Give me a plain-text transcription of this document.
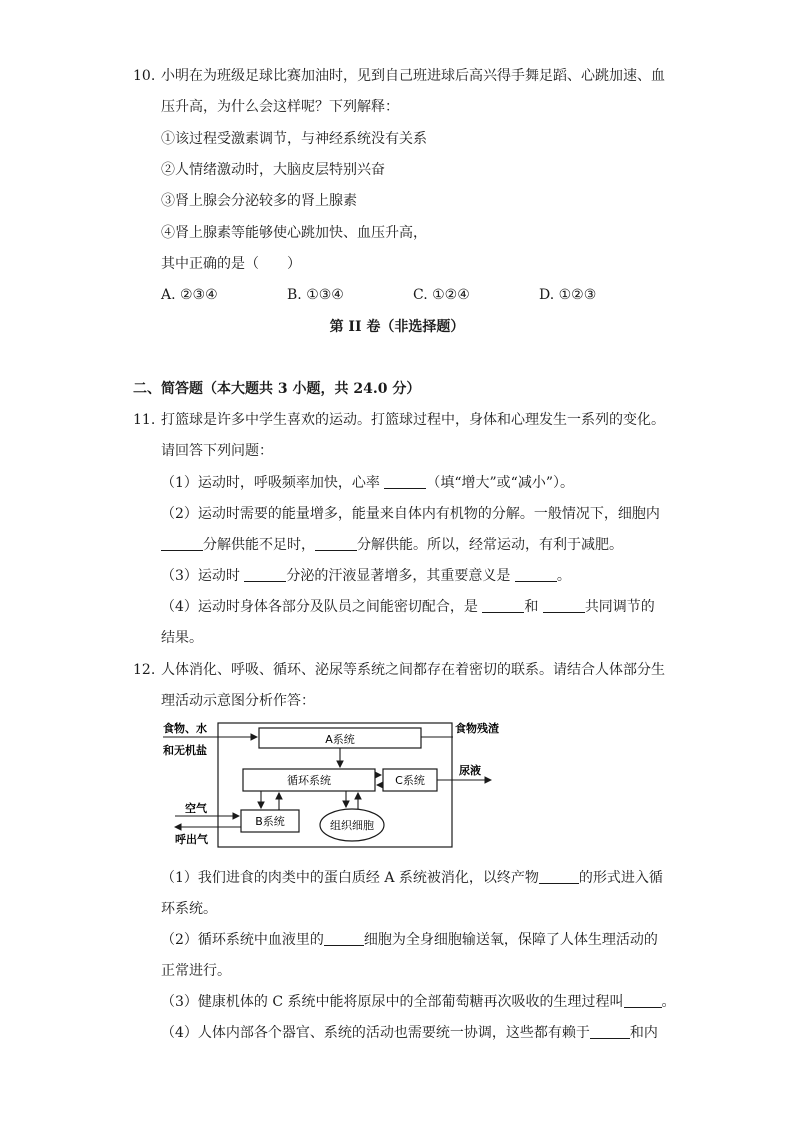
10. 小明在为班级足球比赛加油时，见到自己班进球后高兴得手舞足蹈、心跳加速、血
压升高，为什么会这样呢？下列解释：
①该过程受激素调节，与神经系统没有关系
②人情绪激动时，大脑皮层特别兴奋
③肾上腺会分泌较多的肾上腺素
④肾上腺素等能够使心跳加快、血压升高，
其中正确的是（　　）
A. ②③④	B. ①③④	C. ①②④	D. ①②③
第 II 卷（非选择题）
二、简答题（本大题共 3 小题，共 24.0 分）
11. 打篮球是许多中学生喜欢的运动。打篮球过程中，身体和心理发生一系列的变化。
请回答下列问题：
（1）运动时，呼吸频率加快，心率	（填“增大”或“减小”）。
（2）运动时需要的能量增多，能量来自体内有机物的分解。一般情况下，细胞内
分解供能不足时，	分解供能。所以，经常运动，有利于减肥。
（3）运动时	分泌的汗液显著增多，其重要意义是	。
（4）运动时身体各部分及队员之间能密切配合，是	和	共同调节的
结果。
12. 人体消化、呼吸、循环、泌尿等系统之间都存在着密切的联系。请结合人体部分生
理活动示意图分析作答：
A系统
食物、水
和无机盐
食物残渣
循环系统	C系统
尿液
B系统
空气
呼出气
组织细胞
（1）我们进食的肉类中的蛋白质经 A 系统被消化，以终产物	的形式进入循
环系统。
（2）循环系统中血液里的	细胞为全身细胞输送氧，保障了人体生理活动的
正常进行。
（3）健康机体的 C 系统中能将原尿中的全部葡萄糖再次吸收的生理过程叫	。
（4）人体内部各个器官、系统的活动也需要统一协调，这些都有赖于	和内
